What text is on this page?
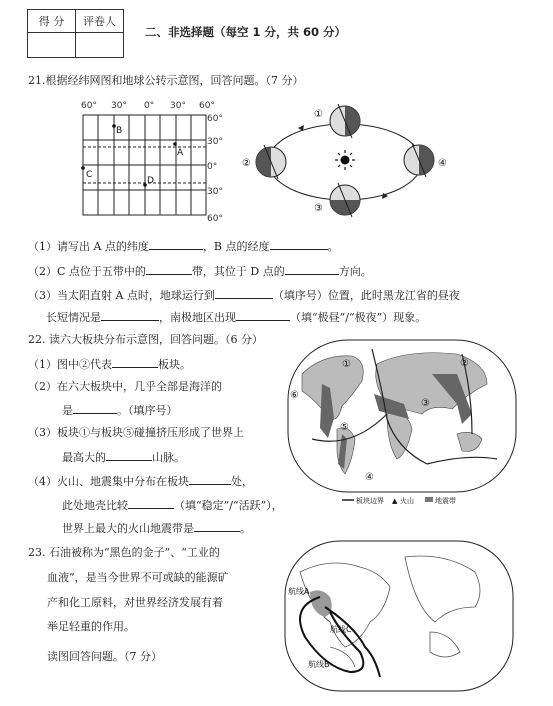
得 分	评卷人

二、非选择题（每空 1 分，共 60 分）
21.根据经纬网图和地球公转示意图，回答问题。（7 分）
60° 30° 0° 30° 60°
60°
30°
0°
30°
60°
A
B
C
D
①
②
③
④
（1）请写出 A 点的纬度	，B 点的经度	。
（2）C 点位于五带中的	带，其位于 D 点的	方向。
（3）当太阳直射 A 点时，地球运行到	（填序号）位置，此时黑龙江省的昼夜
长短情况是	，南极地区出现	（填“极昼”/“极夜”）现象。
22. 读六大板块分布示意图，回答问题。（6 分）
（1）图中②代表	板块。
（2）在六大板块中，几乎全部是海洋的
是	。（填序号）
（3）板块①与板块⑤碰撞挤压形成了世界上
最高大的	山脉。
（4）火山、地震集中分布在板块	处，
此处地壳比较	（填“稳定”/“活跃”），
世界上最大的火山地震带是	。
①	②
③
④
⑤
⑥
板块边界 ▲ 火山	地震带
23. 石油被称为“黑色的金子”、“工业的
血液”，是当今世界不可或缺的能源矿
产和化工原料，对世界经济发展有着
举足轻重的作用。
读图回答问题。（7 分）
航线A
航线C
航线B
